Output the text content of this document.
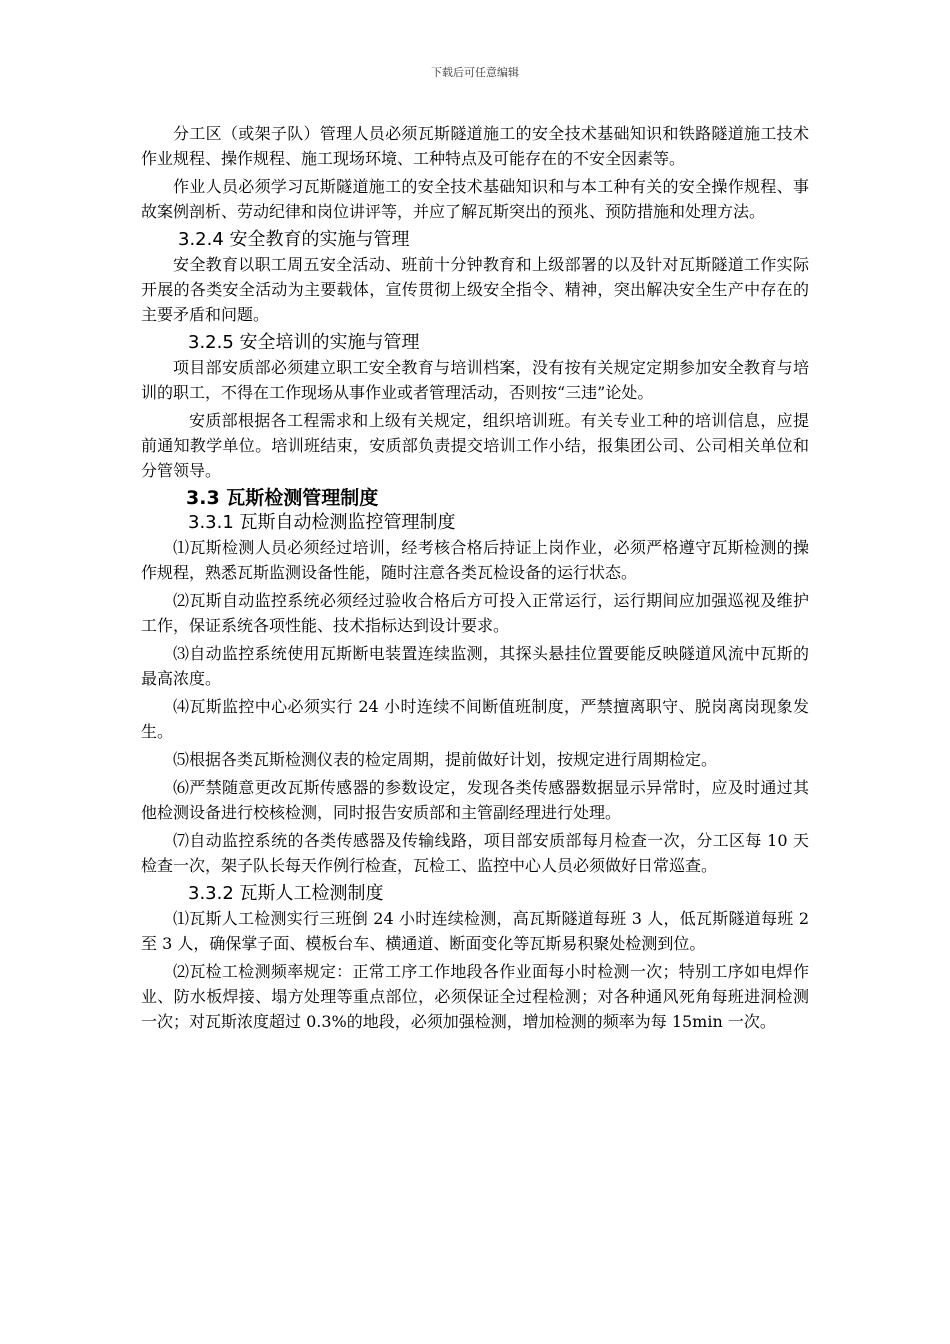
下载后可任意编辑

分工区（或架子队）管理人员必须瓦斯隧道施工的安全技术基础知识和铁路隧道施工技术作业规程、操作规程、施工现场环境、工种特点及可能存在的不安全因素等。

作业人员必须学习瓦斯隧道施工的安全技术基础知识和与本工种有关的安全操作规程、事故案例剖析、劳动纪律和岗位讲评等，并应了解瓦斯突出的预兆、预防措施和处理方法。

3.2.4 安全教育的实施与管理

安全教育以职工周五安全活动、班前十分钟教育和上级部署的以及针对瓦斯隧道工作实际开展的各类安全活动为主要载体，宣传贯彻上级安全指令、精神，突出解决安全生产中存在的主要矛盾和问题。

3.2.5 安全培训的实施与管理

项目部安质部必须建立职工安全教育与培训档案，没有按有关规定定期参加安全教育与培训的职工，不得在工作现场从事作业或者管理活动，否则按“三违”论处。

安质部根据各工程需求和上级有关规定，组织培训班。有关专业工种的培训信息，应提前通知教学单位。培训班结束，安质部负责提交培训工作小结，报集团公司、公司相关单位和分管领导。

3.3 瓦斯检测管理制度
3.3.1 瓦斯自动检测监控管理制度

⑴瓦斯检测人员必须经过培训，经考核合格后持证上岗作业，必须严格遵守瓦斯检测的操作规程，熟悉瓦斯监测设备性能，随时注意各类瓦检设备的运行状态。

⑵瓦斯自动监控系统必须经过验收合格后方可投入正常运行，运行期间应加强巡视及维护工作，保证系统各项性能、技术指标达到设计要求。

⑶自动监控系统使用瓦斯断电装置连续监测，其探头悬挂位置要能反映隧道风流中瓦斯的最高浓度。

⑷瓦斯监控中心必须实行 24 小时连续不间断值班制度，严禁擅离职守、脱岗离岗现象发生。

⑸根据各类瓦斯检测仪表的检定周期，提前做好计划，按规定进行周期检定。

⑹严禁随意更改瓦斯传感器的参数设定，发现各类传感器数据显示异常时，应及时通过其他检测设备进行校核检测，同时报告安质部和主管副经理进行处理。

⑺自动监控系统的各类传感器及传输线路，项目部安质部每月检查一次，分工区每 10 天检查一次，架子队长每天作例行检查，瓦检工、监控中心人员必须做好日常巡查。

3.3.2 瓦斯人工检测制度

⑴瓦斯人工检测实行三班倒 24 小时连续检测，高瓦斯隧道每班 3 人，低瓦斯隧道每班 2 至 3 人，确保掌子面、模板台车、横通道、断面变化等瓦斯易积聚处检测到位。

⑵瓦检工检测频率规定：正常工序工作地段各作业面每小时检测一次；特别工序如电焊作业、防水板焊接、塌方处理等重点部位，必须保证全过程检测；对各种通风死角每班进洞检测一次；对瓦斯浓度超过 0.3%的地段，必须加强检测，增加检测的频率为每 15min 一次。
